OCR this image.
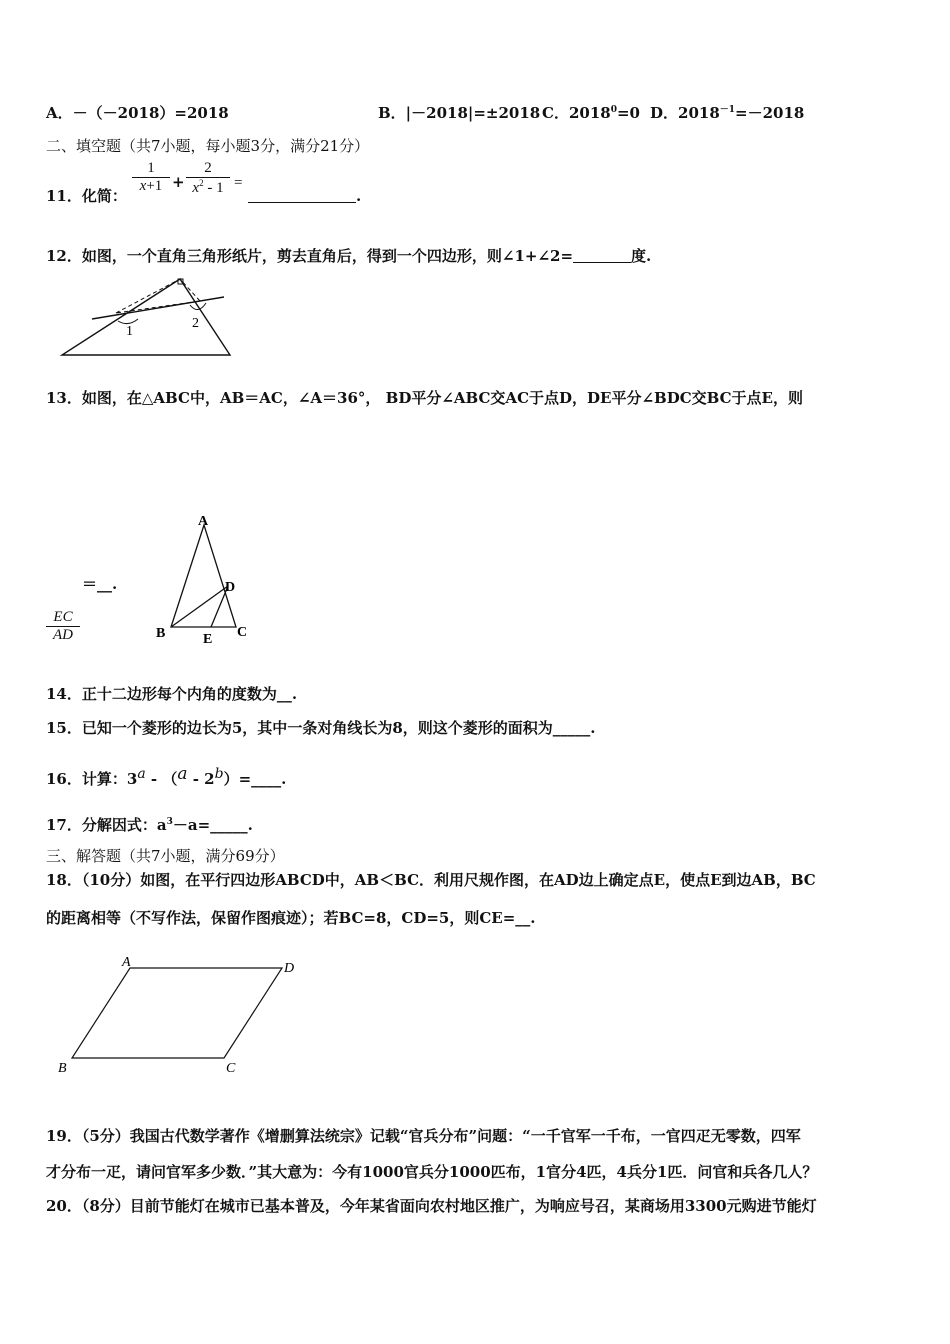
A．－（－2018）=2018	B．|－2018|=±2018 C．$2018^0=0$ D．$2018^{-1}=-2018$
二、填空题（共7小题，每小题3分，满分21分）
11．化简：
1
x+1 +
2
$x^2 - 1$ =
.
12．如图，一个直角三角形纸片，剪去直角后，得到一个四边形，则∠1+∠2=	度.
1
2
13．如图，在△ABC中，AB＝AC，∠A＝36°， BD平分∠ABC交AC于点D，DE平分∠BDC交BC于点E，则
＝__.
EC
AD
A
B	C
D
E
14．正十二边形每个内角的度数为__.
15．已知一个菱形的边长为5，其中一条对角线长为8，则这个菱形的面积为_____.
16．计算：$3^a - (a - 2^b)=\_\_\_\_$.
17．分解因式：$a^3-a=\_\_\_\_\_$.
三、解答题（共7小题，满分69分）
18．（10分）如图，在平行四边形ABCD中，AB＜BC．利用尺规作图，在AD边上确定点E，使点E到边AB，BC
的距离相等（不写作法，保留作图痕迹）；若BC=8，CD=5，则CE=__.
A	D
B	C
19．（5分）我国古代数学著作《增删算法统宗》记载“官兵分布”问题：“一千官军一千布，一官四疋无零数，四军
才分布一疋，请问官军多少数．”其大意为：今有1000官兵分1000匹布，1官分4匹，4兵分1匹．问官和兵各几人？
20．（8分）目前节能灯在城市已基本普及，今年某省面向农村地区推广，为响应号召，某商场用3300元购进节能灯
